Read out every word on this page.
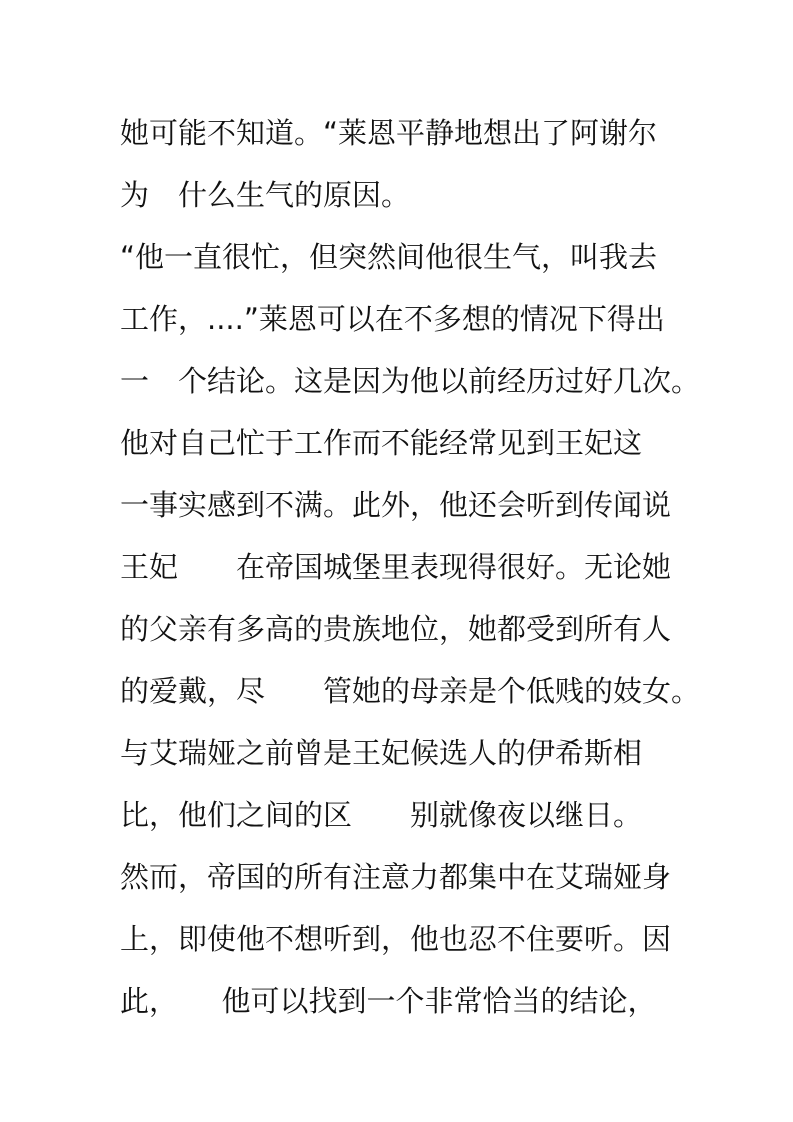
她可能不知道。“莱恩平静地想出了阿谢尔
为　什么生气的原因。
“他一直很忙，但突然间他很生气，叫我去
工作，....”莱恩可以在不多想的情况下得出
一　个结论。这是因为他以前经历过好几次。
他对自己忙于工作而不能经常见到王妃这
一事实感到不满。此外，他还会听到传闻说
王妃　　在帝国城堡里表现得很好。无论她
的父亲有多高的贵族地位，她都受到所有人
的爱戴，尽　　管她的母亲是个低贱的妓女。
与艾瑞娅之前曾是王妃候选人的伊希斯相
比，他们之间的区　　别就像夜以继日。
然而，帝国的所有注意力都集中在艾瑞娅身
上，即使他不想听到，他也忍不住要听。因
此，　　他可以找到一个非常恰当的结论，
